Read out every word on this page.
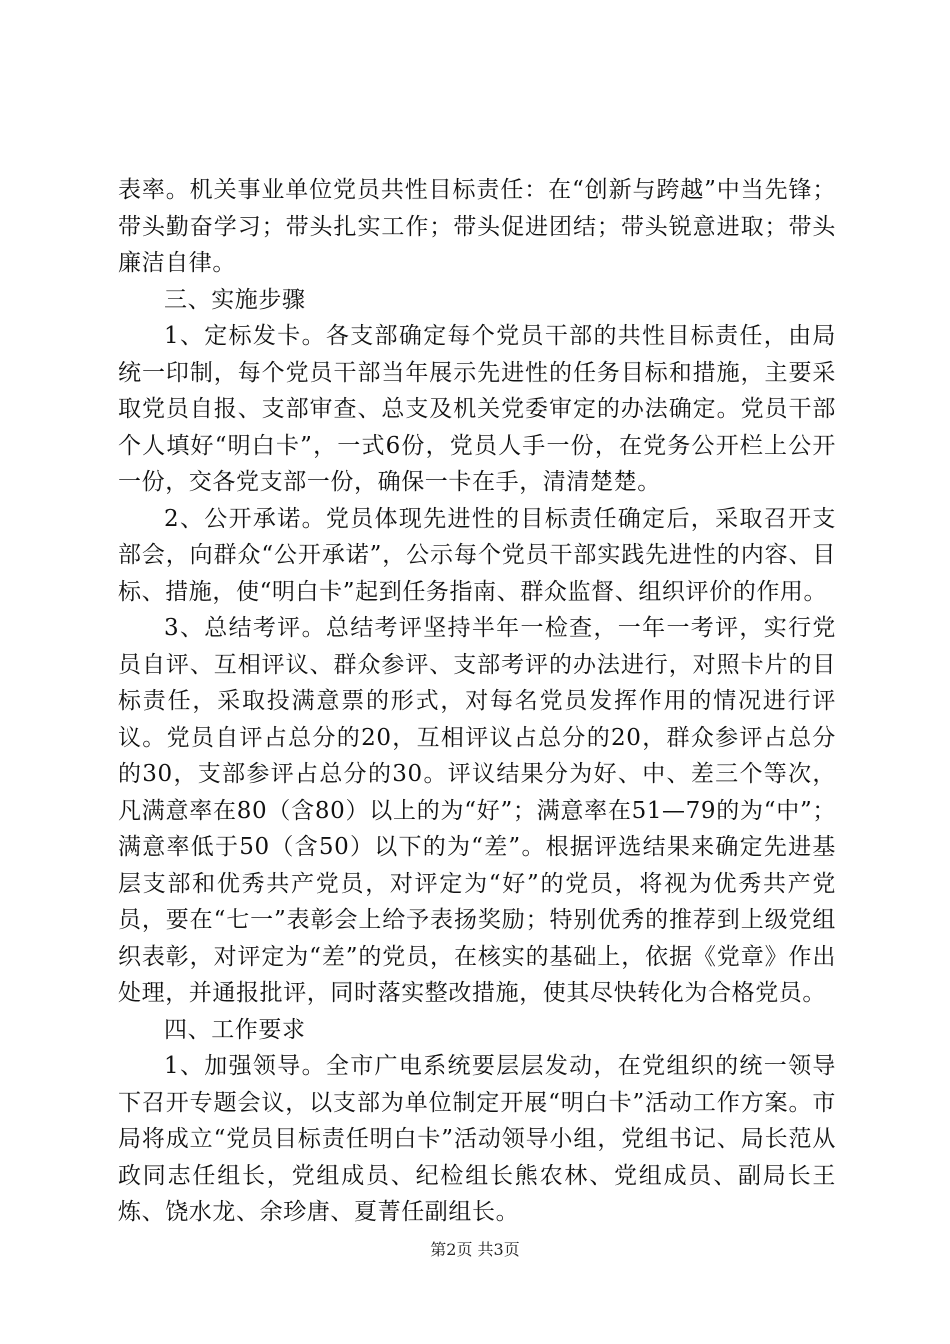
表率。机关事业单位党员共性目标责任：在“创新与跨越”中当先锋；带头勤奋学习；带头扎实工作；带头促进团结；带头锐意进取；带头廉洁自律。

三、实施步骤

1、定标发卡。各支部确定每个党员干部的共性目标责任，由局统一印制，每个党员干部当年展示先进性的任务目标和措施，主要采取党员自报、支部审查、总支及机关党委审定的办法确定。党员干部个人填好“明白卡”，一式6份，党员人手一份，在党务公开栏上公开一份，交各党支部一份，确保一卡在手，清清楚楚。

2、公开承诺。党员体现先进性的目标责任确定后，采取召开支部会，向群众“公开承诺”，公示每个党员干部实践先进性的内容、目标、措施，使“明白卡”起到任务指南、群众监督、组织评价的作用。

3、总结考评。总结考评坚持半年一检查，一年一考评，实行党员自评、互相评议、群众参评、支部考评的办法进行，对照卡片的目标责任，采取投满意票的形式，对每名党员发挥作用的情况进行评议。党员自评占总分的20，互相评议占总分的20，群众参评占总分的30，支部参评占总分的30。评议结果分为好、中、差三个等次，凡满意率在80（含80）以上的为“好”；满意率在51—79的为“中”；满意率低于50（含50）以下的为“差”。根据评选结果来确定先进基层支部和优秀共产党员，对评定为“好”的党员，将视为优秀共产党员，要在“七一”表彰会上给予表扬奖励；特别优秀的推荐到上级党组织表彰，对评定为“差”的党员，在核实的基础上，依据《党章》作出处理，并通报批评，同时落实整改措施，使其尽快转化为合格党员。

四、工作要求

1、加强领导。全市广电系统要层层发动，在党组织的统一领导下召开专题会议，以支部为单位制定开展“明白卡”活动工作方案。市局将成立“党员目标责任明白卡”活动领导小组，党组书记、局长范从政同志任组长，党组成员、纪检组长熊农林、党组成员、副局长王炼、饶水龙、余珍唐、夏菁任副组长。

第2页 共3页
